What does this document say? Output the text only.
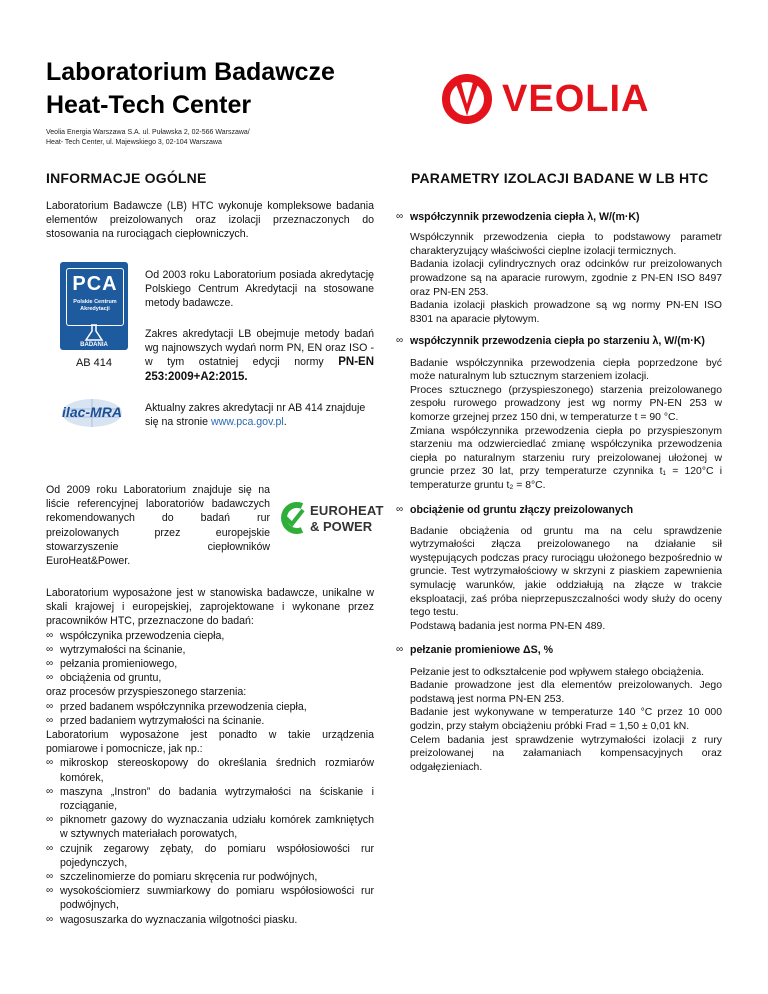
Laboratorium Badawcze
Heat-Tech Center
Veolia Energia Warszawa S.A. ul. Puławska 2, 02-566 Warszawa/
Heat- Tech Center, ul. Majewskiego 3, 02-104 Warszawa
VEOLIA
INFORMACJE OGÓLNE

Laboratorium Badawcze (LB) HTC wykonuje kompleksowe badania elementów preizolowanych oraz izolacji przeznaczonych do stosowania na rurociągach ciepłowniczych.

PCA
Polskie Centrum
Akredytacji
BADANIA
AB 414
ilac-MRA

Od 2003 roku Laboratorium posiada akredytację Polskiego Centrum Akredytacji na stosowane metody badawcze.

Zakres akredytacji LB obejmuje metody badań wg najnowszych wydań norm PN, EN oraz ISO - w tym ostatniej edycji normy PN-EN 253:2009+A2:2015.

Aktualny zakres akredytacji nr AB 414 znajduje się na stronie www.pca.gov.pl.

Od 2009 roku Laboratorium znajduje się na liście referencyjnej laboratoriów badawczych rekomendowanych do badań rur preizolowanych przez europejskie stowarzyszenie ciepłowników EuroHeat&Power.

EUROHEAT
& POWER

Laboratorium wyposażone jest w stanowiska badawcze, unikalne w skali krajowej i europejskiej, zaprojektowane i wykonane przez pracowników HTC, przeznaczone do badań:

∞ współczynika przewodzenia ciepła,
∞ wytrzymałości na ścinanie,
∞ pełzania promieniowego,
∞ obciążenia od gruntu,

oraz procesów przyspieszonego starzenia:

∞ przed badanem współczynnika przewodzenia ciepła,
∞ przed badaniem wytrzymałości na ścinanie.

Laboratorium wyposażone jest ponadto w takie urządzenia pomiarowe i pomocnicze, jak np.:

∞ mikroskop stereoskopowy do określania średnich rozmiarów komórek,
∞ maszyna „Instron” do badania wytrzymałości na ściskanie i rozciąganie,
∞ piknometr gazowy do wyznaczania udziału komórek zamkniętych w sztywnych materiałach porowatych,
∞ czujnik zegarowy zębaty, do pomiaru współosiowości rur pojedynczych,
∞ szczelinomierze do pomiaru skręcenia rur podwójnych,
∞ wysokościomierz suwmiarkowy do pomiaru współosiowości rur podwójnych,
∞ wagosuszarka do wyznaczania wilgotności piasku.
PARAMETRY IZOLACJI BADANE W LB HTC
∞ współczynnik przewodzenia ciepła λ, W/(m·K)
Współczynnik przewodzenia ciepła to podstawowy parametr charakteryzujący właściwości cieplne izolacji termicznych.
Badania izolacji cylindrycznych oraz odcinków rur preizolowanych prowadzone są na aparacie rurowym, zgodnie z PN-EN ISO 8497 oraz PN-EN 253.
Badania izolacji płaskich prowadzone są wg normy PN-EN ISO 8301 na aparacie płytowym.
∞ współczynnik przewodzenia ciepła po starzeniu λ, W/(m·K)
Badanie współczynnika przewodzenia ciepła poprzedzone być może naturalnym lub sztucznym starzeniem izolacji.
Proces sztucznego (przyspieszonego) starzenia preizolowanego zespołu rurowego prowadzony jest wg normy PN-EN 253 w komorze grzejnej przez 150 dni, w temperaturze t = 90 °C.
Zmiana współczynnika przewodzenia ciepła po przyspieszonym starzeniu ma odzwierciedlać zmianę współczynika przewodzenia ciepła po naturalnym starzeniu rury preizolowanej ułożonej w gruncie przez 30 lat, przy temperaturze czynnika t₁ = 120°C i temperaturze gruntu t₂ = 8°C.
∞ obciążenie od gruntu złączy preizolowanych
Badanie obciążenia od gruntu ma na celu sprawdzenie wytrzymałości złącza preizolowanego na działanie sił występujących podczas pracy rurociągu ułożonego bezpośrednio w gruncie. Test wytrzymałościowy w skrzyni z piaskiem zapewnienia symulację warunków, jakie oddziałują na złącze w trakcie eksploatacji, zaś próba nieprzepuszczalności wody służy do oceny tego testu.
Podstawą badania jest norma PN-EN 489.
∞ pełzanie promieniowe ΔS, %
Pełzanie jest to odkształcenie pod wpływem stałego obciążenia.
Badanie prowadzone jest dla elementów preizolowanych. Jego podstawą jest norma PN-EN 253.
Badanie jest wykonywane w temperaturze 140 °C przez 10 000 godzin, przy stałym obciążeniu próbki Frad = 1,50 ± 0,01 kN.
Celem badania jest sprawdzenie wytrzymałości izolacji z rury preizolowanej na załamaniach kompensacyjnych oraz odgałęzieniach.
